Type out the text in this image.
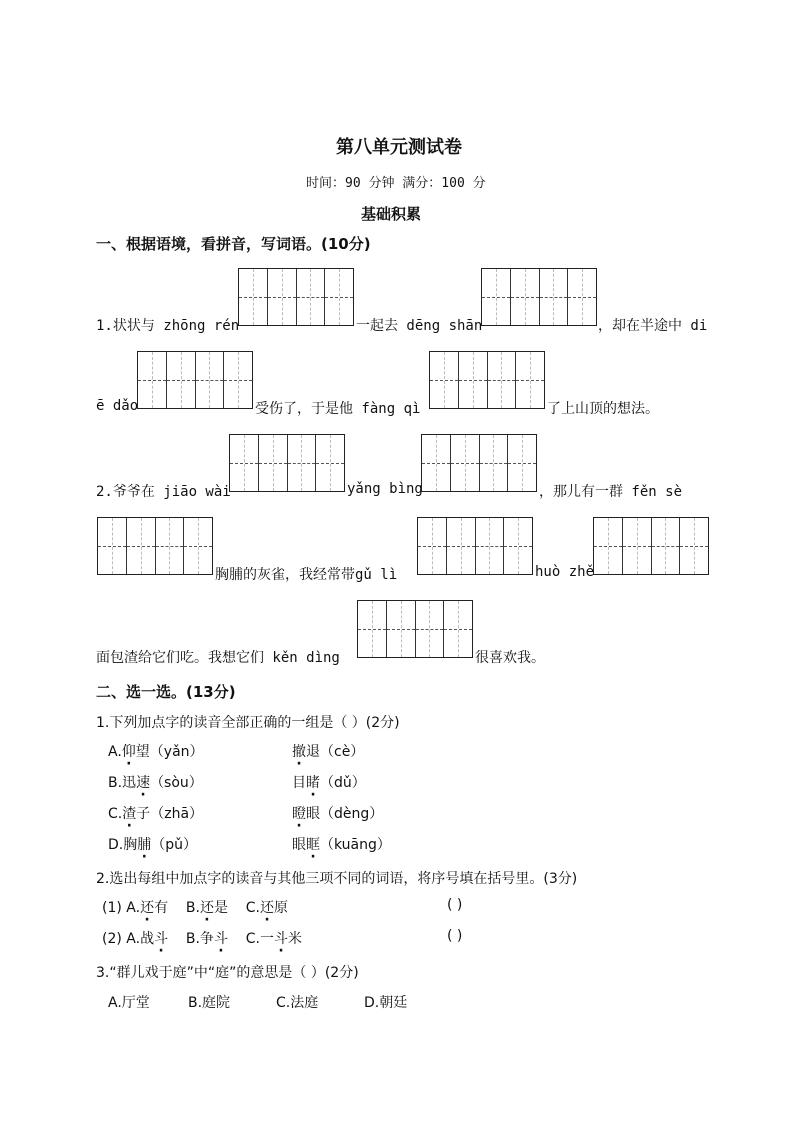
第八单元测试卷
时间：90 分钟 满分：100 分
基础积累
一、根据语境，看拼音，写词语。(10分)
1.状状与 zhōng rén	一起去 dēng shān	，却在半途中 di
ē dǎo	受伤了，于是他 fàng qì	了上山顶的想法。
2.爷爷在 jiāo wài	yǎng bìng	，那儿有一群 fěn sè
胸脯的灰雀，我经常带gǔ lì	huò zhě
面包渣给它们吃。我想它们 kěn dìng	很喜欢我。
二、选一选。(13分)
1.下列加点字的读音全部正确的一组是（ ）(2分)
A.仰望（yǎn）	撤退（cè）
B.迅速（sòu）	目睹（dǔ）
C.渣子（zhā）	瞪眼（dèng）
D.胸脯（pǔ）	眼眶（kuāng）
2.选出每组中加点字的读音与其他三项不同的词语，将序号填在括号里。(3分)
(1) A.还有 B.还是 C.还原	( )
(2) A.战斗 B.争斗 C.一斗米	( )
3.“群儿戏于庭”中“庭”的意思是（ ）(2分)
A.厅堂	B.庭院	C.法庭	D.朝廷
